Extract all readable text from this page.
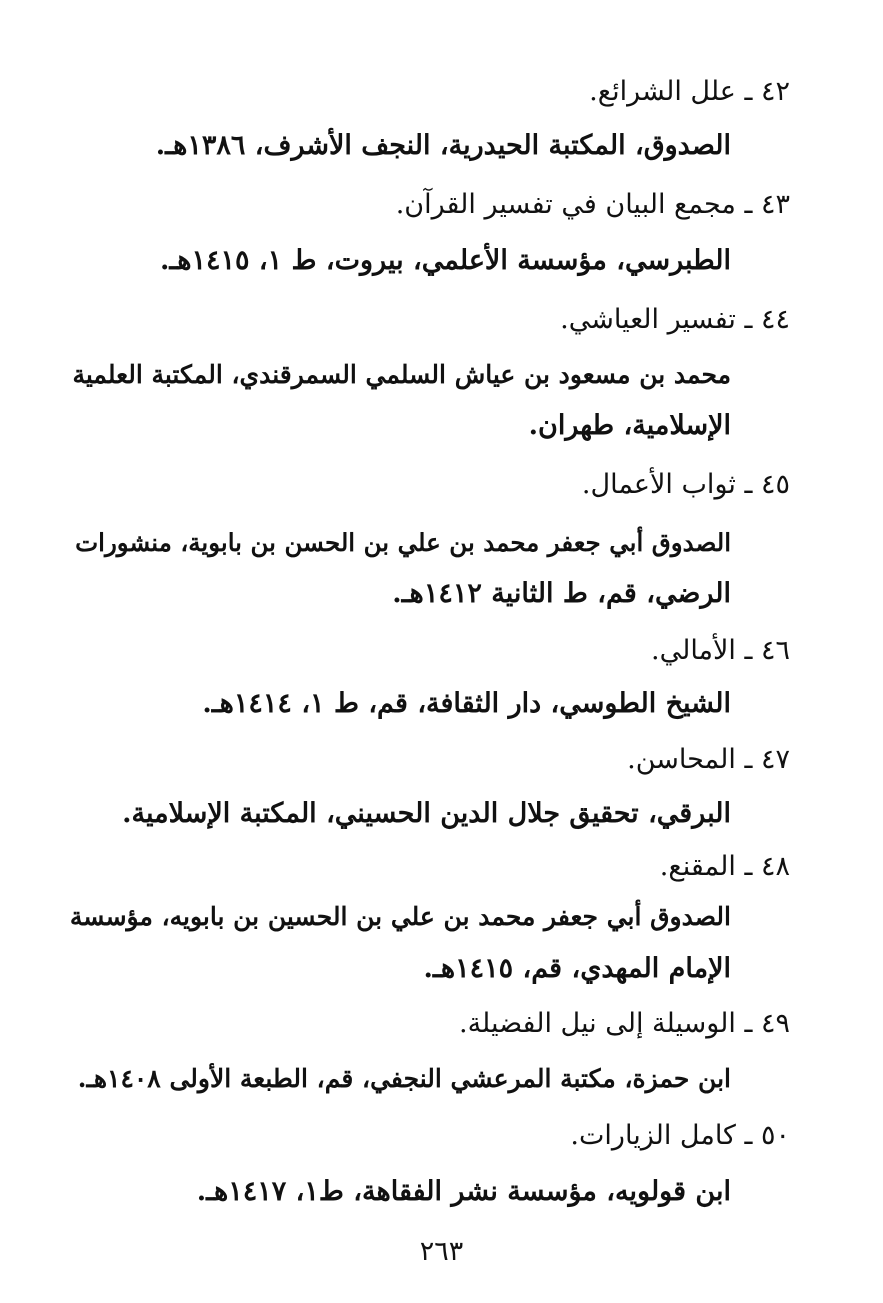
٤٢ ـ علل الشرائع.
الصدوق، المكتبة الحيدرية، النجف الأشرف، ١٣٨٦هـ.
٤٣ ـ مجمع البيان في تفسير القرآن.
الطبرسي، مؤسسة الأعلمي، بيروت، ط ١، ١٤١٥هـ.
٤٤ ـ تفسير العياشي.
محمد بن مسعود بن عياش السلمي السمرقندي، المكتبة العلمية
الإسلامية، طهران.
٤٥ ـ ثواب الأعمال.
الصدوق أبي جعفر محمد بن علي بن الحسن بن بابوية، منشورات
الرضي، قم، ط الثانية ١٤١٢هـ.
٤٦ ـ الأمالي.
الشيخ الطوسي، دار الثقافة، قم، ط ١، ١٤١٤هـ.
٤٧ ـ المحاسن.
البرقي، تحقيق جلال الدين الحسيني، المكتبة الإسلامية.
٤٨ ـ المقنع.
الصدوق أبي جعفر محمد بن علي بن الحسين بن بابويه، مؤسسة
الإمام المهدي، قم، ١٤١٥هـ.
٤٩ ـ الوسيلة إلى نيل الفضيلة.
ابن حمزة، مكتبة المرعشي النجفي، قم، الطبعة الأولى ١٤٠٨هـ.
٥٠ ـ كامل الزيارات.
ابن قولويه، مؤسسة نشر الفقاهة، ط١، ١٤١٧هـ.
٢٦٣
